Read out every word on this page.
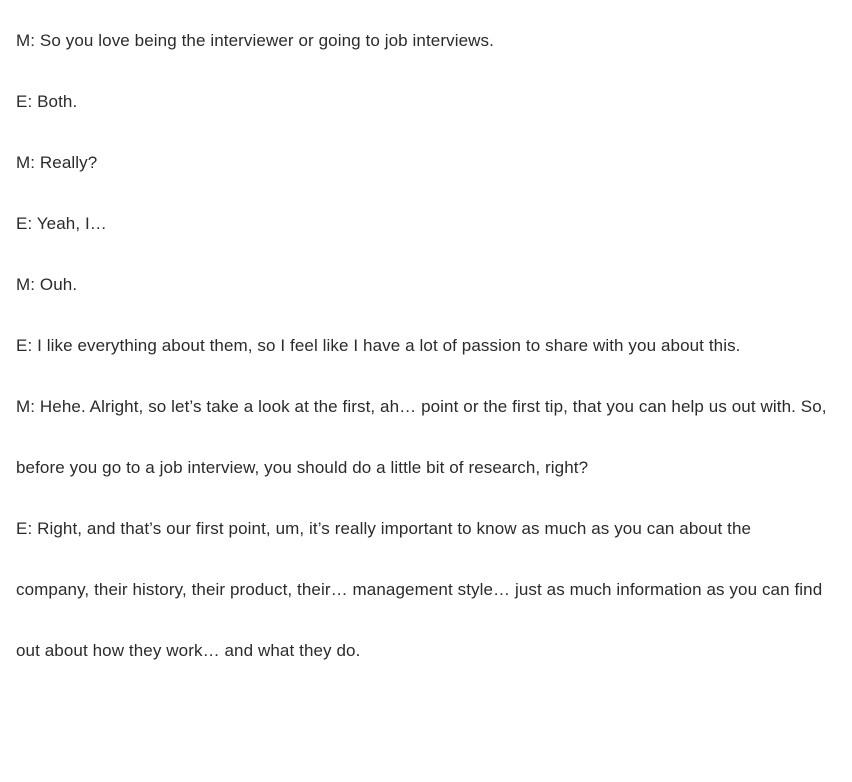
M: So you love being the interviewer or going to job interviews.

E: Both.

M: Really?

E: Yeah, I…

M: Ouh.

E: I like everything about them, so I feel like I have a lot of passion to share with you about this.

M: Hehe. Alright, so let’s take a look at the first, ah… point or the first tip, that you can help us out with. So, before you go to a job interview, you should do a little bit of research, right?

E: Right, and that’s our first point, um, it’s really important to know as much as you can about the company, their history, their product, their… management style… just as much information as you can find out about how they work… and what they do.
